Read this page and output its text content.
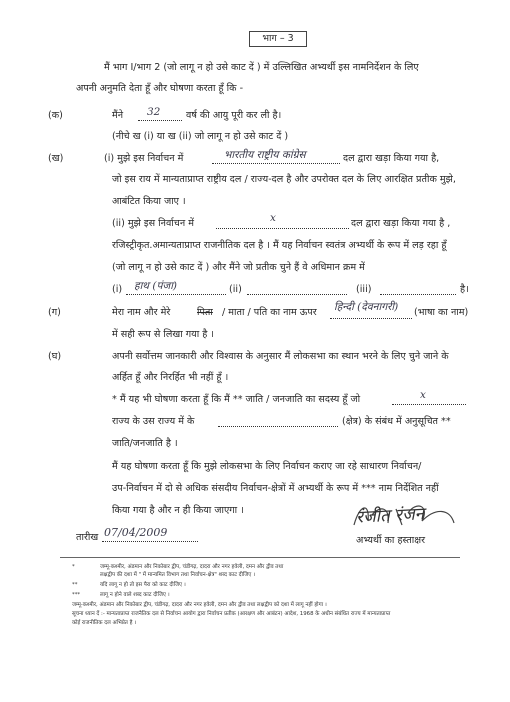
भाग – 3
मैं भाग I/भाग 2 (जो लागू न हो उसे काट दें ) में उल्लिखित अभ्यर्थी इस नामनिर्देशन के लिए
अपनी अनुमति देता हूँ और घोषणा करता हूँ कि -
(क)	मैंने 32	वर्ष की आयु पूरी कर ली है।
(नीचे ख (i) या ख (ii) जो लागू न हो उसे काट दें )
(ख)	(i) मुझे इस निर्वाचन में	भारतीय राष्ट्रीय कांग्रेस	दल द्वारा खड़ा किया गया है,
जो इस राय में मान्यताप्राप्त राष्ट्रीय दल / राज्य-दल है और उपरोक्त दल के लिए आरक्षित प्रतीक मुझे,
आबंटित किया जाए ।
(ii) मुझे इस निर्वाचन में	x	दल द्वारा खड़ा किया गया है ,
रजिस्ट्रीकृत.अमान्यताप्राप्त राजनीतिक दल है । मैं यह निर्वाचन स्वतंत्र अभ्यर्थी के रूप में लड़ रहा हूँ
(जो लागू न हो उसे काट दें ) और मैंने जो प्रतीक चुने हैं वे अधिमान क्रम में
(i) हाथ (पंजा)	(ii)	(iii)	है।
(ग)	मेरा नाम और मेरे	पिता / माता / पति का नाम ऊपर हिन्दी (देवनागरी) (भाषा का नाम)
में सही रूप से लिखा गया है ।
(घ)	अपनी सर्वोत्तम जानकारी और विश्वास के अनुसार मैं लोकसभा का स्थान भरने के लिए चुने जाने के
अर्हित हूँ और निरर्हित भी नहीं हूँ ।
* मैं यह भी घोषणा करता हूँ कि मैं ** जाति / जनजाति का सदस्य हूँ जो	x
राज्य के उस राज्य में के	(क्षेत्र) के संबंध में अनुसूचित **
जाति/जनजाति है ।
मैं यह घोषणा करता हूँ कि मुझे लोकसभा के लिए निर्वाचन कराए जा रहे साधारण निर्वाचन/
उप-निर्वाचन में दो से अधिक संसदीय निर्वाचन-क्षेत्रों में अभ्यर्थी के रूप में *** नाम निर्देशित नहीं
किया गया है और न ही किया जाएगा ।	रंजीत रंजन
अभ्यर्थी का हस्ताक्षर
तारीख 07/04/2009
*	जम्मू-कश्मीर, अंडमान और निकोबार द्वीप, चंडीगढ़, दादरा और नगर हवेली, दमन और द्वीव तथा
लक्षद्वीप की दशा में " में मान्यमित विभाग तथा निर्वाचन-क्षेत्र" शब्द काट दीजिए ।
**	यदि लागू न हो तो इस पैरा को काट दीजिए ।
***	लागू न होने वाले शब्द काट दीजिए ।
जम्मू-कश्मीर, अंडमान और निकोबार द्वीप, चंडीगढ़, दादरा और नगर हवेली, दमन और द्वीव तथा लक्षद्वीप को दशा में लागू नहीं होगा ।
सूचना ध्यान दें :- मान्यताप्राप्त राजनैतिक दल से निर्वाचन आयोग द्वारा निर्वाचन प्रतीक (आरक्षण और आबंटन) आदेश, 1968 के अधीन संबंधित राज्य में मान्यताप्राप्त
कोई राजनीतिक दल अभिप्रेत है ।
